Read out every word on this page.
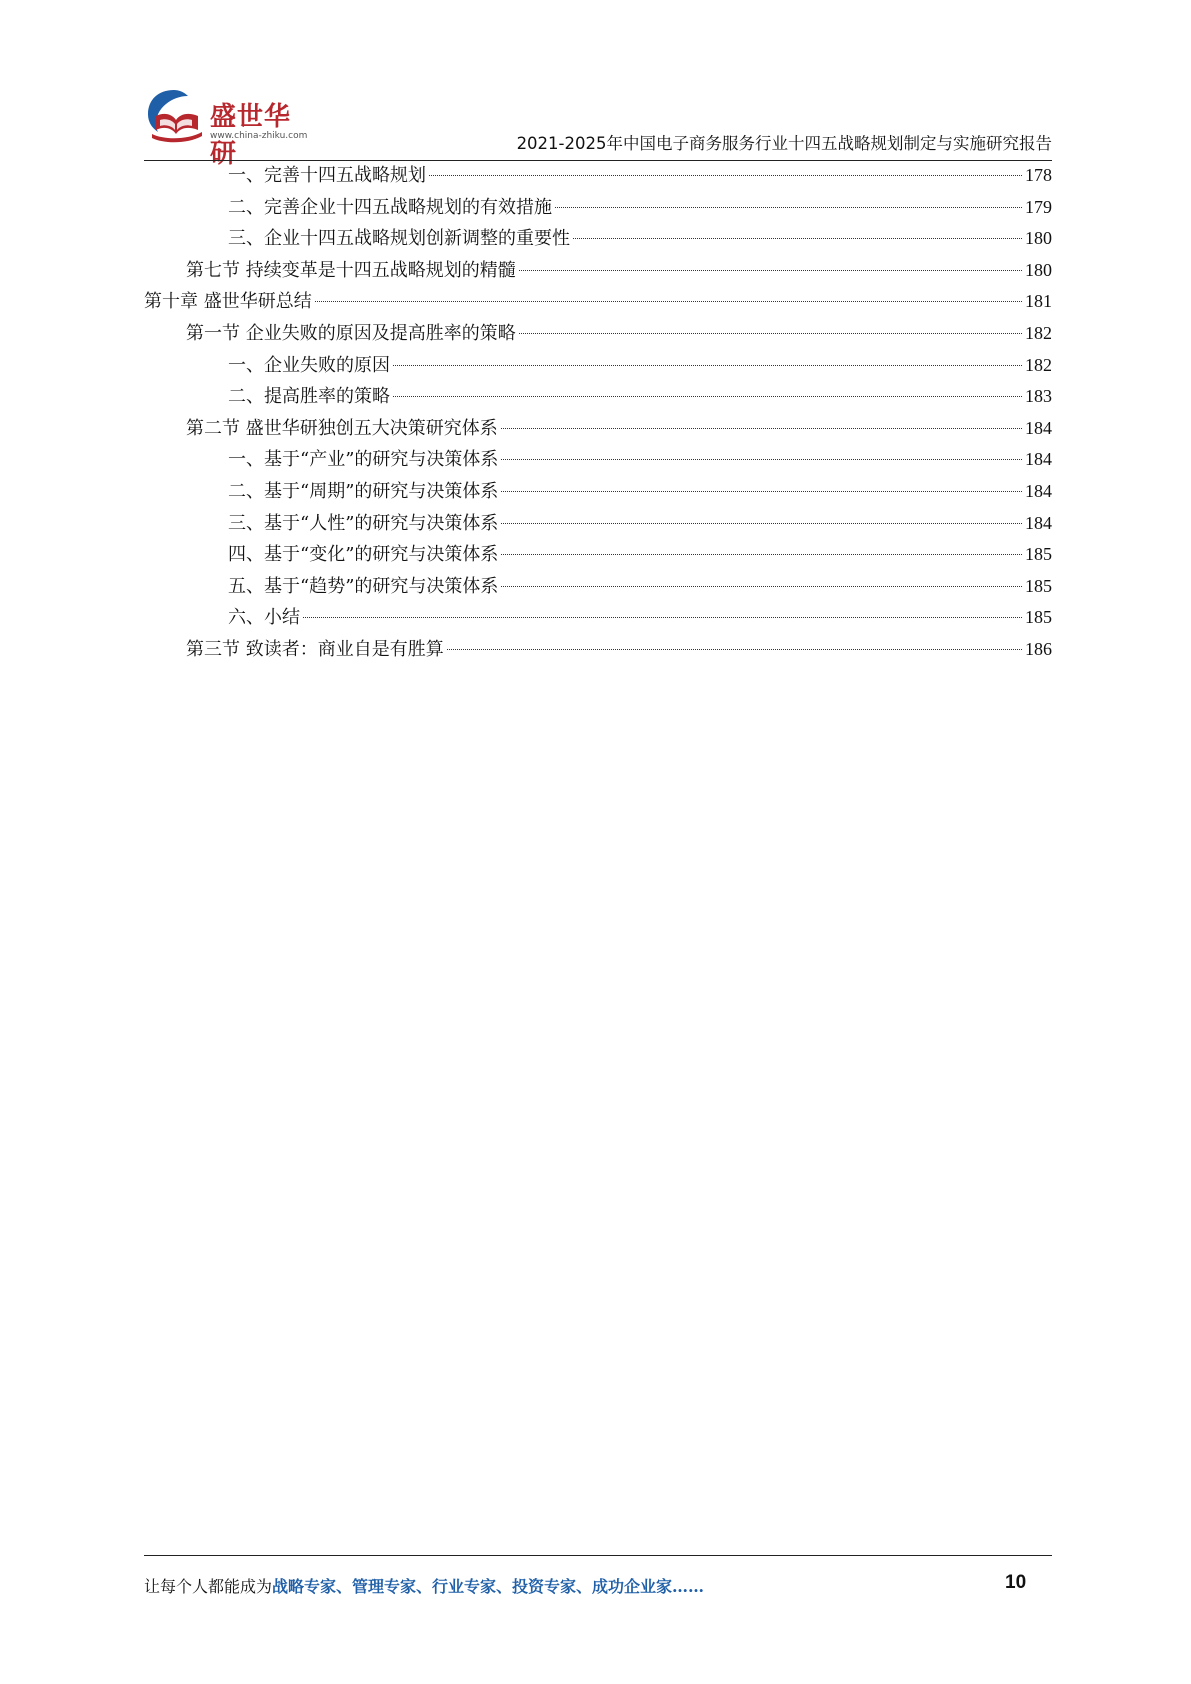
盛世华研
www.china-zhiku.com	2021-2025年中国电子商务服务行业十四五战略规划制定与实施研究报告
一、完善十四五战略规划	178
二、完善企业十四五战略规划的有效措施	179
三、企业十四五战略规划创新调整的重要性	180
第七节 持续变革是十四五战略规划的精髓	180
第十章 盛世华研总结	181
第一节 企业失败的原因及提高胜率的策略	182
一、企业失败的原因	182
二、提高胜率的策略	183
第二节 盛世华研独创五大决策研究体系	184
一、基于“产业”的研究与决策体系	184
二、基于“周期”的研究与决策体系	184
三、基于“人性”的研究与决策体系	184
四、基于“变化”的研究与决策体系	185
五、基于“趋势”的研究与决策体系	185
六、小结	185
第三节 致读者：商业自是有胜算	186
让每个人都能成为战略专家、管理专家、行业专家、投资专家、成功企业家……	10
